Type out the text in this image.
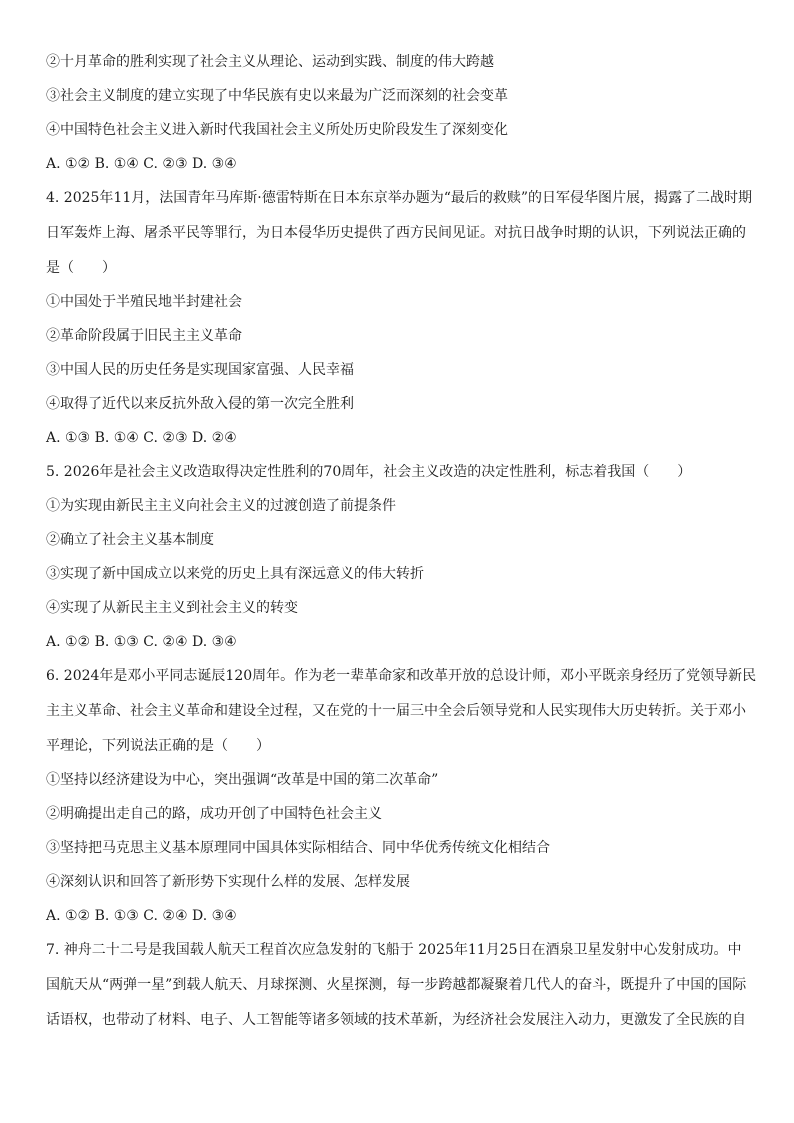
②十月革命的胜利实现了社会主义从理论、运动到实践、制度的伟大跨越

③社会主义制度的建立实现了中华民族有史以来最为广泛而深刻的社会变革

④中国特色社会主义进入新时代我国社会主义所处历史阶段发生了深刻变化

A. ①② B. ①④ C. ②③ D. ③④

4. 2025年11月，法国青年马库斯·德雷特斯在日本东京举办题为“最后的救赎”的日军侵华图片展，揭露了二战时期

日军轰炸上海、屠杀平民等罪行，为日本侵华历史提供了西方民间见证。对抗日战争时期的认识，下列说法正确的

是（　　）

①中国处于半殖民地半封建社会

②革命阶段属于旧民主主义革命

③中国人民的历史任务是实现国家富强、人民幸福

④取得了近代以来反抗外敌入侵的第一次完全胜利

A. ①③ B. ①④ C. ②③ D. ②④

5. 2026年是社会主义改造取得决定性胜利的70周年，社会主义改造的决定性胜利，标志着我国（　　）

①为实现由新民主主义向社会主义的过渡创造了前提条件

②确立了社会主义基本制度

③实现了新中国成立以来党的历史上具有深远意义的伟大转折

④实现了从新民主主义到社会主义的转变

A. ①② B. ①③ C. ②④ D. ③④

6. 2024年是邓小平同志诞辰120周年。作为老一辈革命家和改革开放的总设计师，邓小平既亲身经历了党领导新民

主主义革命、社会主义革命和建设全过程，又在党的十一届三中全会后领导党和人民实现伟大历史转折。关于邓小

平理论，下列说法正确的是（　　）

①坚持以经济建设为中心，突出强调“改革是中国的第二次革命”

②明确提出走自己的路，成功开创了中国特色社会主义

③坚持把马克思主义基本原理同中国具体实际相结合、同中华优秀传统文化相结合

④深刻认识和回答了新形势下实现什么样的发展、怎样发展

A. ①② B. ①③ C. ②④ D. ③④

7. 神舟二十二号是我国载人航天工程首次应急发射的飞船于 2025年11月25日在酒泉卫星发射中心发射成功。中

国航天从“两弹一星”到载人航天、月球探测、火星探测，每一步跨越都凝聚着几代人的奋斗，既提升了中国的国际

话语权，也带动了材料、电子、人工智能等诸多领域的技术革新，为经济社会发展注入动力，更激发了全民族的自
